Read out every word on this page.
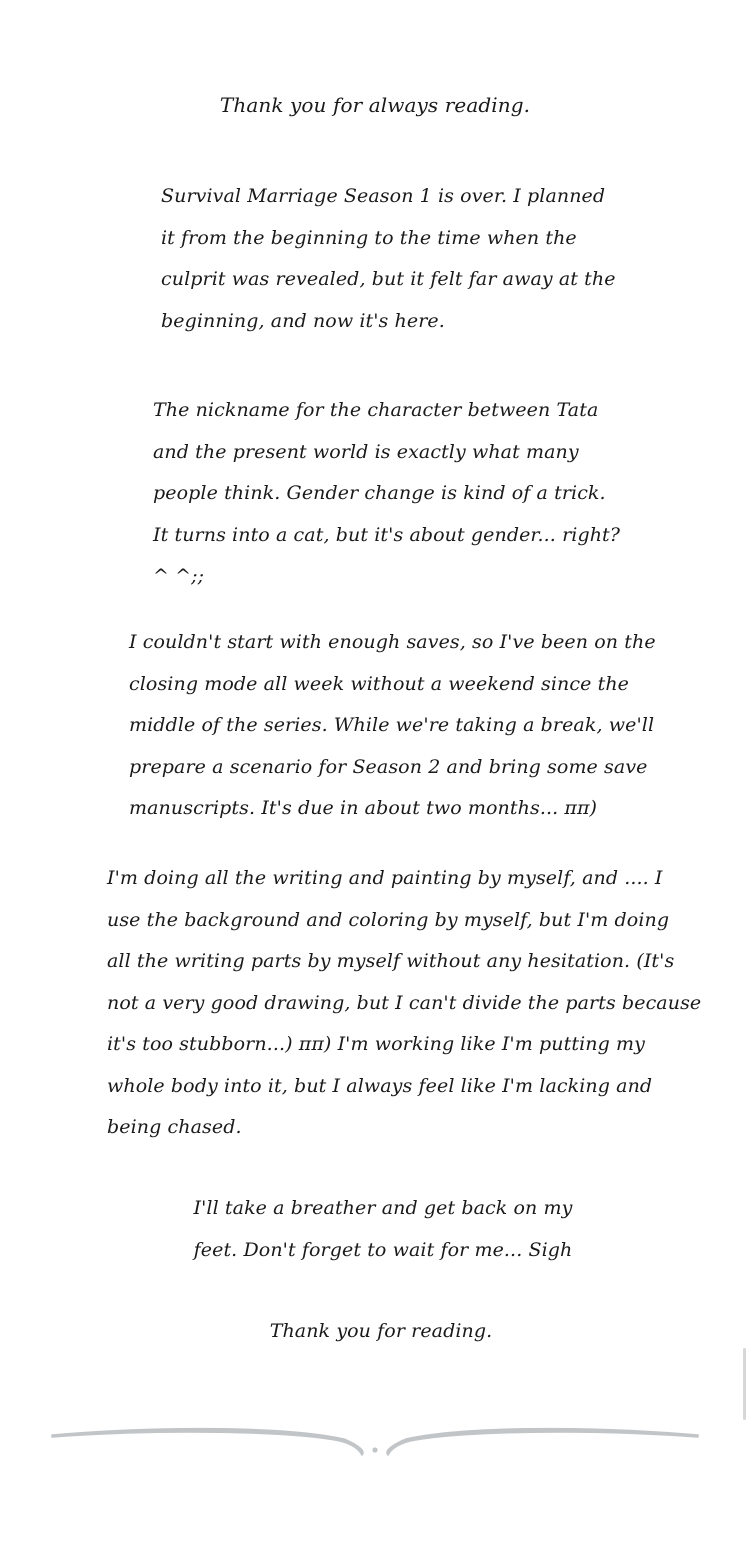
Thank you for always reading.

Survival Marriage Season 1 is over. I planned
it from the beginning to the time when the
culprit was revealed, but it felt far away at the
beginning, and now it's here.

The nickname for the character between Tata
and the present world is exactly what many
people think. Gender change is kind of a trick.
It turns into a cat, but it's about gender... right?
^ ^;;

I couldn't start with enough saves, so I've been on the
closing mode all week without a weekend since the
middle of the series. While we're taking a break, we'll
prepare a scenario for Season 2 and bring some save
manuscripts. It's due in about two months... ππ)

I'm doing all the writing and painting by myself, and .... I
use the background and coloring by myself, but I'm doing
all the writing parts by myself without any hesitation. (It's
not a very good drawing, but I can't divide the parts because
it's too stubborn...) ππ) I'm working like I'm putting my
whole body into it, but I always feel like I'm lacking and
being chased.

I'll take a breather and get back on my
feet. Don't forget to wait for me... Sigh

Thank you for reading.
